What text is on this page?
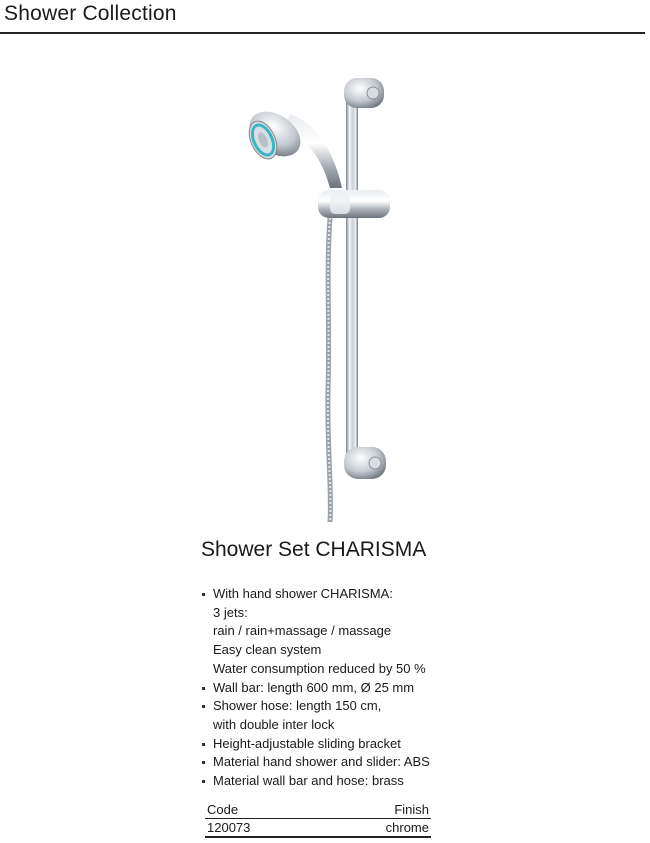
Shower Collection
Shower Set CHARISMA
With hand shower CHARISMA:
3 jets:
rain / rain+massage / massage
Easy clean system
Water consumption reduced by 50 %
Wall bar: length 600 mm, Ø 25 mm
Shower hose: length 150 cm,
with double inter lock
Height-adjustable sliding bracket
Material hand shower and slider: ABS
Material wall bar and hose: brass
Code	Finish
120073	chrome
